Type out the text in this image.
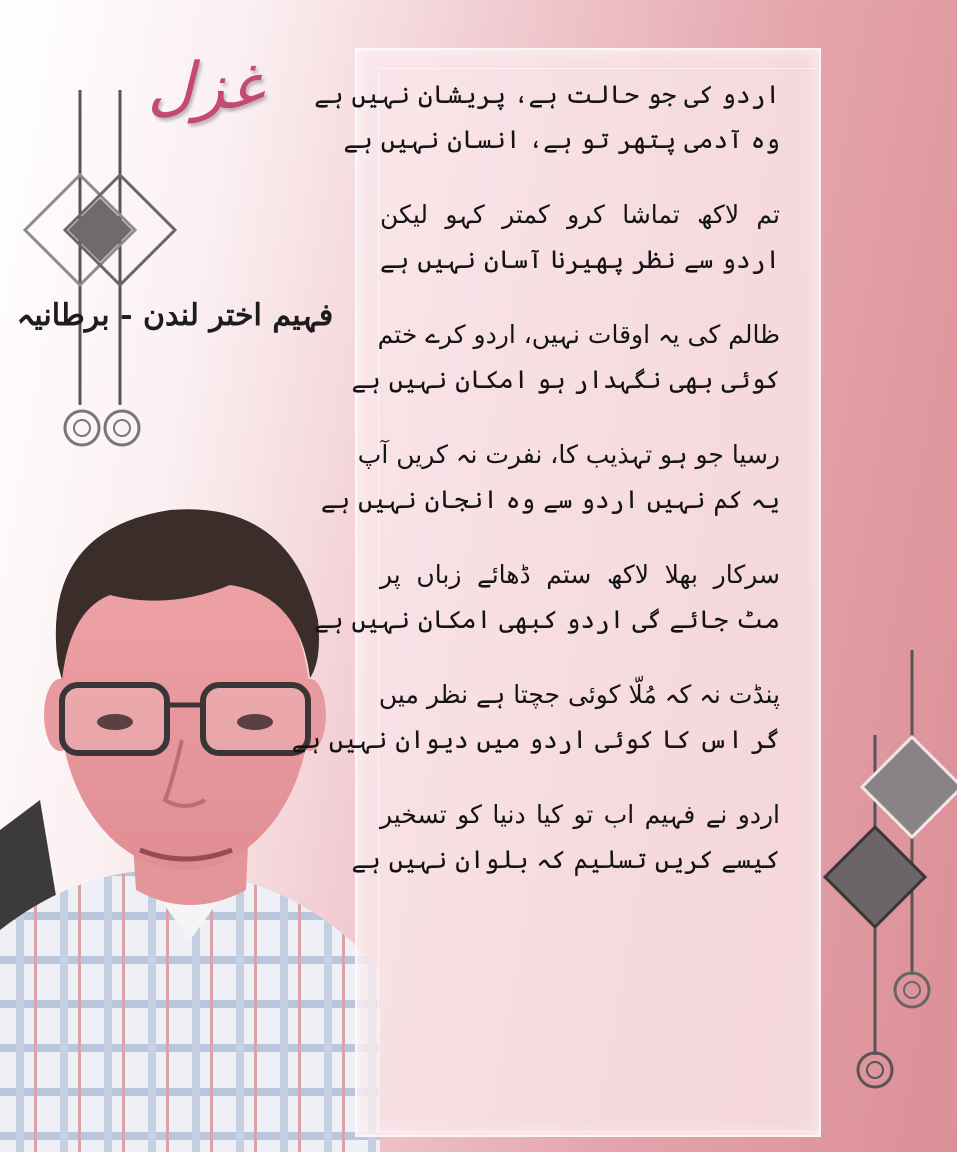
غزل
فہیم اختر لندن - برطانیہ
اردو کی جو حالت ہے، پریشان نہیں ہے
وہ آدمی پتھر تو ہے، انسان نہیں ہے
تم لاکھ تماشا کرو کمتر کہو لیکن
اردو سے نظر پھیرنا آسان نہیں ہے
ظالم کی یہ اوقات نہیں، اردو کرے ختم
کوئی بھی نگہدار ہو امکان نہیں ہے
رسیا جو ہو تہذیب کا، نفرت نہ کریں آپ
یہ کم نہیں اردو سے وہ انجان نہیں ہے
سرکار بھلا لاکھ ستم ڈھائے زباں پر
مٹ جائے گی اردو کبھی امکان نہیں ہے
پنڈت نہ کہ مُلّا کوئی جچتا ہے نظر میں
گر اس کا کوئی اردو میں دیوان نہیں ہے
اردو نے فہیم اب تو کیا دنیا کو تسخیر
کیسے کریں تسلیم کہ بلوان نہیں ہے
